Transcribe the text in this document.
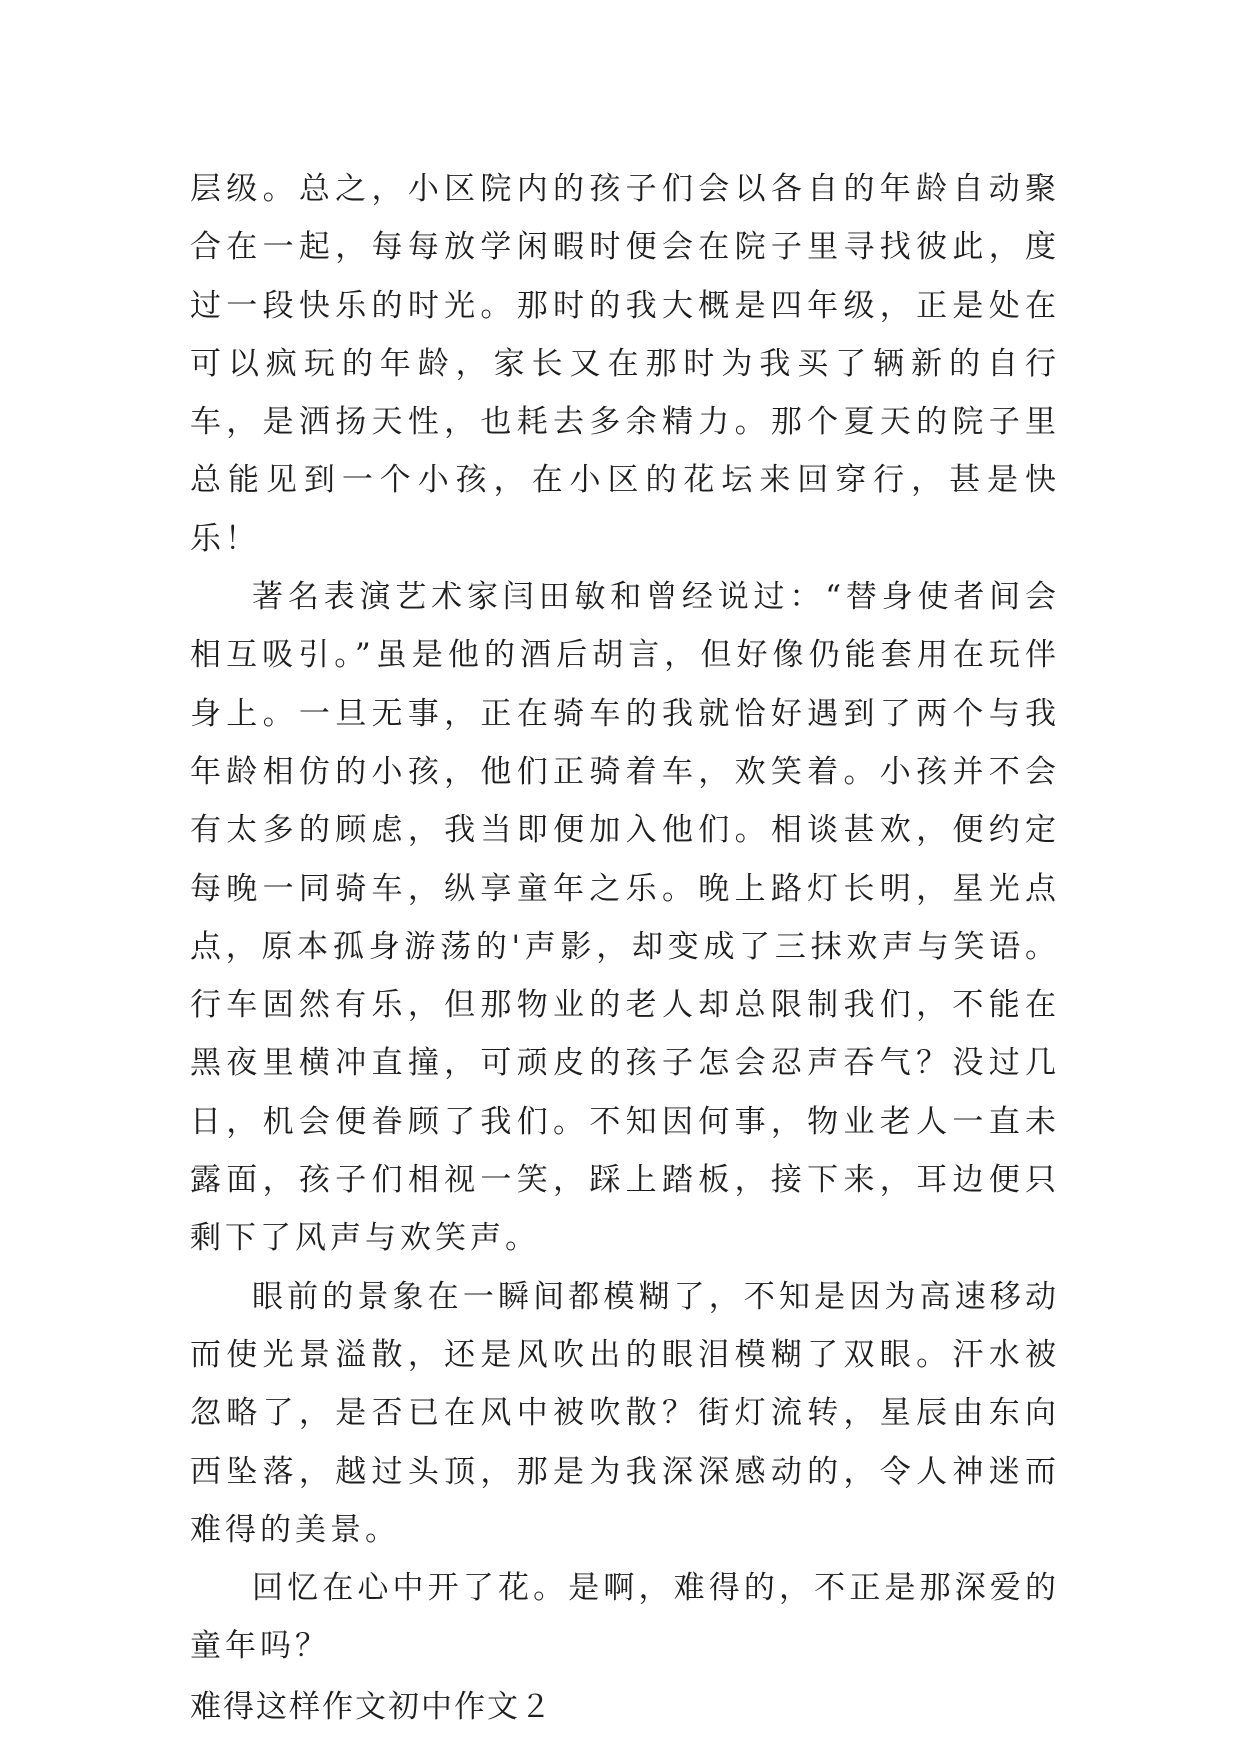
层级。总之，小区院内的孩子们会以各自的年龄自动聚合在一起，每每放学闲暇时便会在院子里寻找彼此，度过一段快乐的时光。那时的我大概是四年级，正是处在可以疯玩的年龄，家长又在那时为我买了辆新的自行车，是洒扬天性，也耗去多余精力。那个夏天的院子里总能见到一个小孩，在小区的花坛来回穿行，甚是快乐！

著名表演艺术家闫田敏和曾经说过：“替身使者间会相互吸引。”虽是他的酒后胡言，但好像仍能套用在玩伴身上。一旦无事，正在骑车的我就恰好遇到了两个与我年龄相仿的小孩，他们正骑着车，欢笑着。小孩并不会有太多的顾虑，我当即便加入他们。相谈甚欢，便约定每晚一同骑车，纵享童年之乐。晚上路灯长明，星光点点，原本孤身游荡的'声影，却变成了三抹欢声与笑语。行车固然有乐，但那物业的老人却总限制我们，不能在黑夜里横冲直撞，可顽皮的孩子怎会忍声吞气？没过几日，机会便眷顾了我们。不知因何事，物业老人一直未露面，孩子们相视一笑，踩上踏板，接下来，耳边便只剩下了风声与欢笑声。

眼前的景象在一瞬间都模糊了，不知是因为高速移动而使光景溢散，还是风吹出的眼泪模糊了双眼。汗水被忽略了，是否已在风中被吹散？街灯流转，星辰由东向西坠落，越过头顶，那是为我深深感动的，令人神迷而难得的美景。

回忆在心中开了花。是啊，难得的，不正是那深爱的童年吗？

难得这样作文初中作文２
